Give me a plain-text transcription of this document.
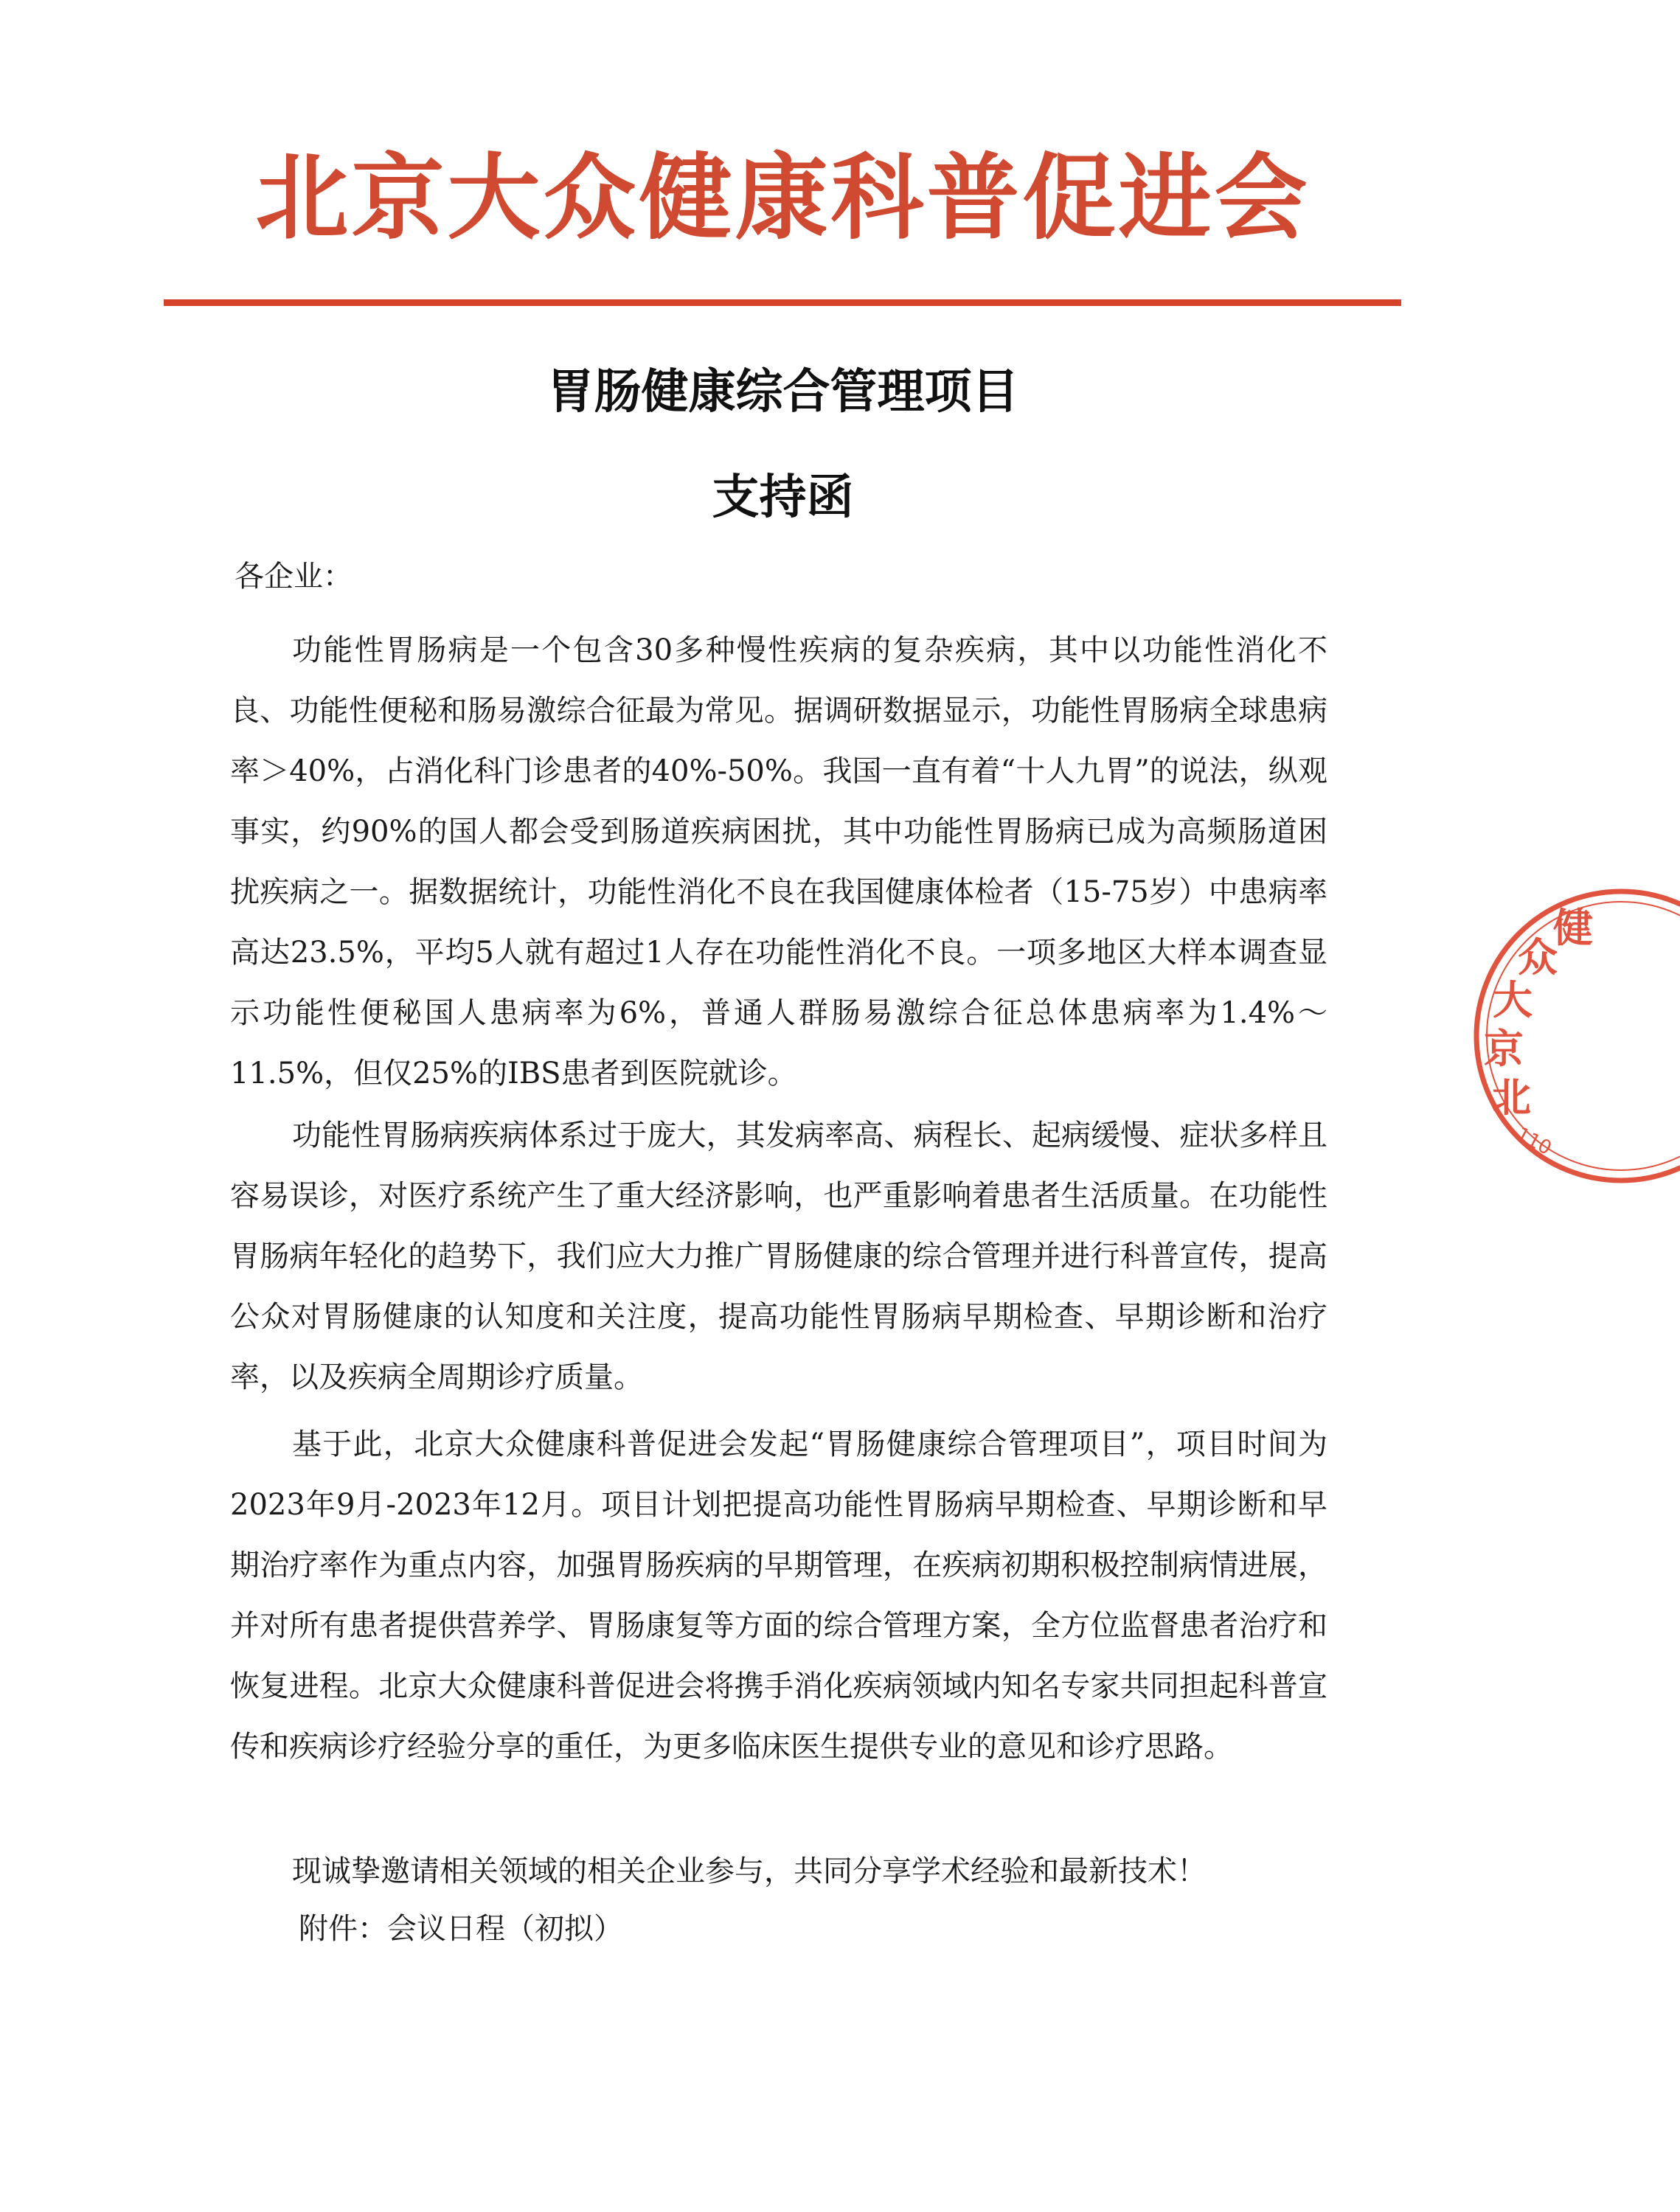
北京大众健康科普促进会
胃肠健康综合管理项目
支持函
各企业：

功能性胃肠病是一个包含30多种慢性疾病的复杂疾病，其中以功能性消化不良、功能性便秘和肠易激综合征最为常见。据调研数据显示，功能性胃肠病全球患病率＞40%，占消化科门诊患者的40%-50%。我国一直有着“十人九胃”的说法，纵观事实，约90%的国人都会受到肠道疾病困扰，其中功能性胃肠病已成为高频肠道困扰疾病之一。据数据统计，功能性消化不良在我国健康体检者（15-75岁）中患病率高达23.5%，平均5人就有超过1人存在功能性消化不良。一项多地区大样本调查显示功能性便秘国人患病率为6%，普通人群肠易激综合征总体患病率为1.4%～11.5%，但仅25%的IBS患者到医院就诊。

功能性胃肠病疾病体系过于庞大，其发病率高、病程长、起病缓慢、症状多样且容易误诊，对医疗系统产生了重大经济影响，也严重影响着患者生活质量。在功能性胃肠病年轻化的趋势下，我们应大力推广胃肠健康的综合管理并进行科普宣传，提高公众对胃肠健康的认知度和关注度，提高功能性胃肠病早期检查、早期诊断和治疗率，以及疾病全周期诊疗质量。

基于此，北京大众健康科普促进会发起“胃肠健康综合管理项目”，项目时间为2023年9月-2023年12月。项目计划把提高功能性胃肠病早期检查、早期诊断和早期治疗率作为重点内容，加强胃肠疾病的早期管理，在疾病初期积极控制病情进展，并对所有患者提供营养学、胃肠康复等方面的综合管理方案，全方位监督患者治疗和恢复进程。北京大众健康科普促进会将携手消化疾病领域内知名专家共同担起科普宣传和疾病诊疗经验分享的重任，为更多临床医生提供专业的意见和诊疗思路。

现诚挚邀请相关领域的相关企业参与，共同分享学术经验和最新技术！

附件：会议日程（初拟）
北 京 大 众 健
110
